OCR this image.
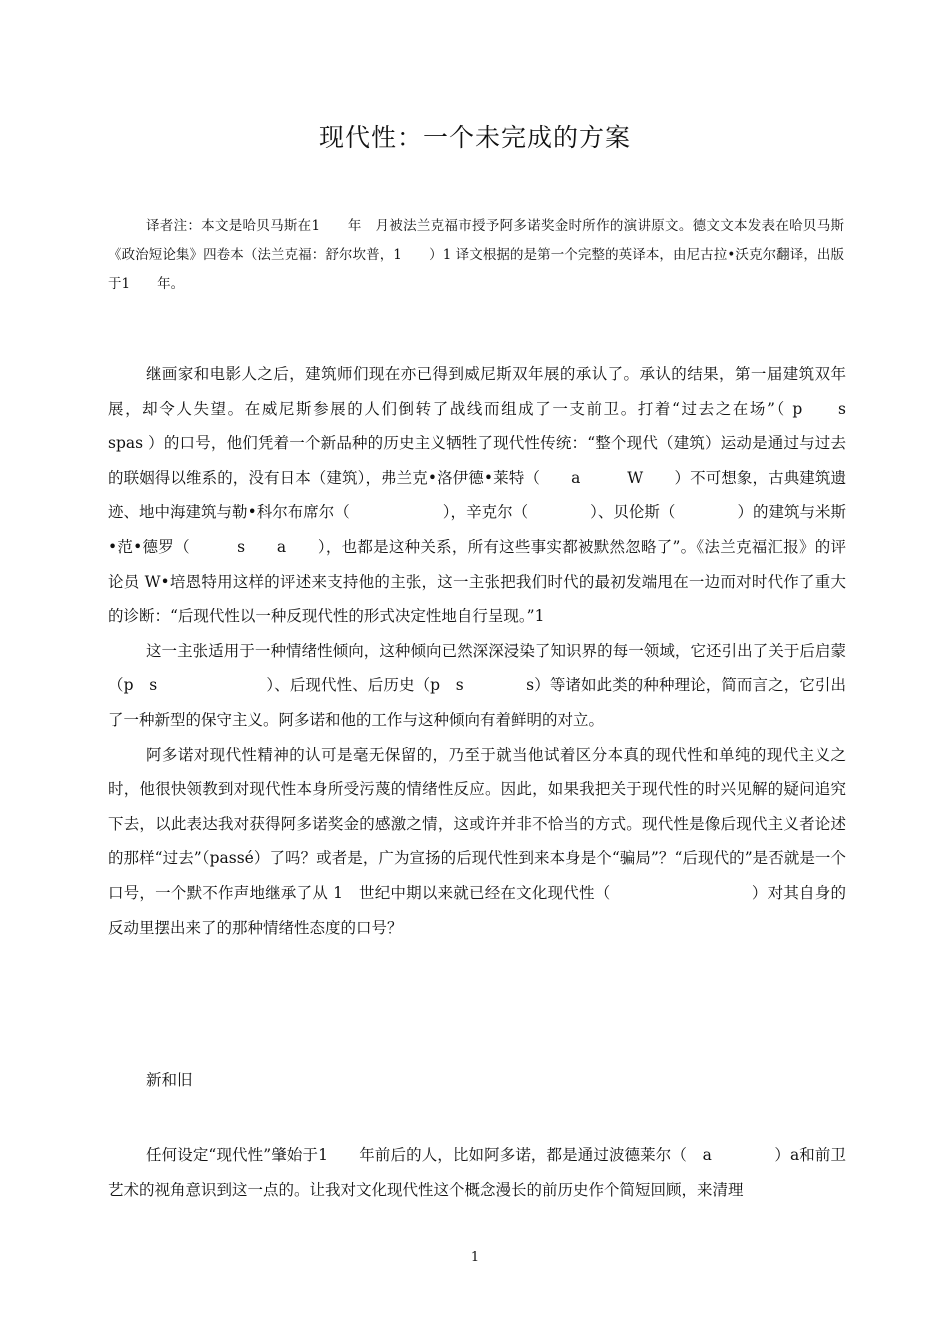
现代性：一个未完成的方案

译者注：本文是哈贝马斯在1　　年　月被法兰克福市授予阿多诺奖金时所作的演讲原文。德文文本发表在哈贝马斯《政治短论集》四卷本（法兰克福：舒尔坎普，1　　）1 译文根据的是第一个完整的英译本，由尼古拉•沃克尔翻译，出版于1　　年。

继画家和电影人之后，建筑师们现在亦已得到威尼斯双年展的承认了。承认的结果，第一届建筑双年展，却令人失望。在威尼斯参展的人们倒转了战线而组成了一支前卫。打着“过去之在场”（ p　　s　　　spas ）的口号，他们凭着一个新品种的历史主义牺牲了现代性传统：“整个现代（建筑）运动是通过与过去的联姻得以维系的，没有日本（建筑），弗兰克•洛伊德•莱特（　　a　　　W　　）不可想象，古典建筑遗迹、地中海建筑与勒•科尔布席尔（　　　　　　），辛克尔（　　　　）、贝伦斯（　　　　）的建筑与米斯•范•德罗（　　　s　　a　　），也都是这种关系，所有这些事实都被默然忽略了”。《法兰克福汇报》的评论员 W•培恩特用这样的评述来支持他的主张，这一主张把我们时代的最初发端甩在一边而对时代作了重大的诊断：“后现代性以一种反现代性的形式决定性地自行呈现。”1

这一主张适用于一种情绪性倾向，这种倾向已然深深浸染了知识界的每一领域，它还引出了关于后启蒙（p　s　　　　　　　）、后现代性、后历史（p　s　　　　s）等诸如此类的种种理论，简而言之，它引出了一种新型的保守主义。阿多诺和他的工作与这种倾向有着鲜明的对立。

阿多诺对现代性精神的认可是毫无保留的，乃至于就当他试着区分本真的现代性和单纯的现代主义之时，他很快领教到对现代性本身所受污蔑的情绪性反应。因此，如果我把关于现代性的时兴见解的疑问追究下去，以此表达我对获得阿多诺奖金的感激之情，这或许并非不恰当的方式。现代性是像后现代主义者论述的那样“过去”（passé）了吗？或者是，广为宣扬的后现代性到来本身是个“骗局”？“后现代的”是否就是一个口号，一个默不作声地继承了从 1　世纪中期以来就已经在文化现代性（　　　　　　　　　）对其自身的反动里摆出来了的那种情绪性态度的口号？

新和旧

任何设定“现代性”肇始于1　　年前后的人，比如阿多诺，都是通过波德莱尔（　a　　　　）a和前卫艺术的视角意识到这一点的。让我对文化现代性这个概念漫长的前历史作个简短回顾，来清理

1
